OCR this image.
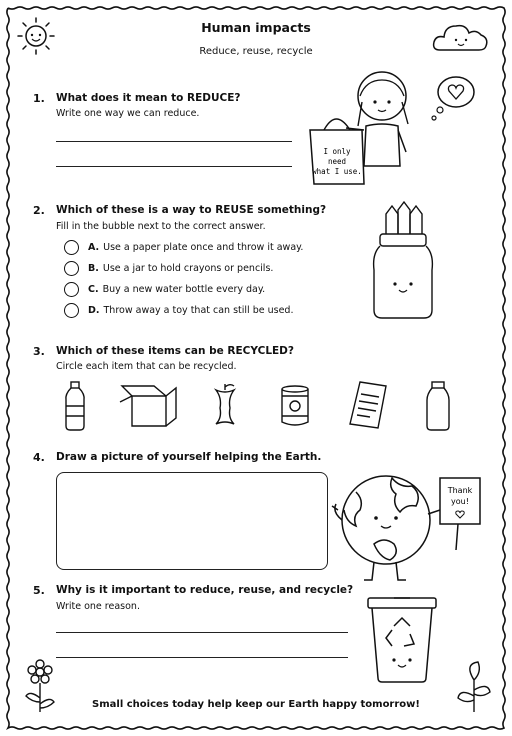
Human impacts
Reduce, reuse, recycle
1. What does it mean to REDUCE?
Write one way we can reduce.
I only
need
what I use.
2. Which of these is a way to REUSE something?
Fill in the bubble next to the correct answer.
A. Use a paper plate once and throw it away.
B. Use a jar to hold crayons or pencils.
C. Buy a new water bottle every day.
D. Throw away a toy that can still be used.
3. Which of these items can be RECYCLED?
Circle each item that can be recycled.
4. Draw a picture of yourself helping the Earth.
Thank
you!
5. Why is it important to reduce, reuse, and recycle?
Write one reason.
Small choices today help keep our Earth happy tomorrow!
